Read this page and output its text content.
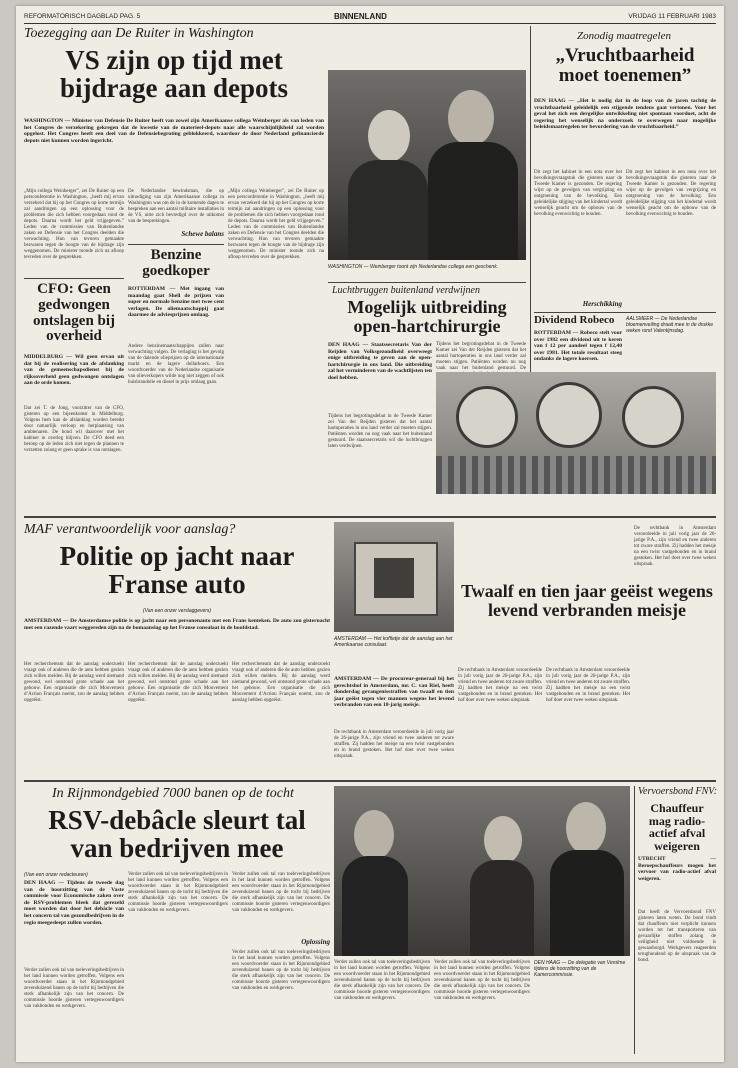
REFORMATORISCH DAGBLAD PAG. 5	BINNENLAND	VRIJDAG 11 FEBRUARI 1983
Toezegging aan De Ruiter in Washington
VS zijn op tijd met bijdrage aan depots
WASHINGTON — Minister van Defensie De Ruiter heeft van zowel zijn Amerikaanse collega Weinberger als van leden van het Congres de verzekering gekregen dat de kwestie van de materieel-depots naar alle waarschijnlijkheid zal worden opgelost. Het Congres heeft een deel van de Defensiebegroting geblokkeerd, waardoor de door Nederland gefinancierde depots niet kunnen worden ingericht.
„Mijn collega Weinberger”, zei De Ruiter op een persconferentie in Washington, „heeft mij ervan verzekerd dat hij op het Congres op korte termijn zal aandringen op een oplossing voor de problemen die zich hebben voorgedaan rond de depots. Daarna wordt het geld vrijgegeven.” Leden van de commissies van Buitenlandse zaken en Defensie van het Congres deelden die verwachting. Hun van tevoren gemaakte bezwaren tegen de hoogte van de bijdrage zijn weggenomen. De minister toonde zich na afloop tevreden over de gesprekken.
De Nederlandse bewindsman, die op uitnodiging van zijn Amerikaanse collega in Washington was om de in de komende dagen te bespreken aan een aantal militaire installaties in de VS, uitte zich bevredigd over de uitkomst van de besprekingen.
Schewe balans
„Mijn collega Weinberger”, zei De Ruiter op een persconferentie in Washington, „heeft mij ervan verzekerd dat hij op het Congres op korte termijn zal aandringen op een oplossing voor de problemen die zich hebben voorgedaan rond de depots. Daarna wordt het geld vrijgegeven.” Leden van de commissies van Buitenlandse zaken en Defensie van het Congres deelden die verwachting. Hun van tevoren gemaakte bezwaren tegen de hoogte van de bijdrage zijn weggenomen. De minister toonde zich na afloop tevreden over de gesprekken.
Benzine goedkoper
ROTTERDAM — Met ingang van maandag gaat Shell de prijzen van super en normale benzine met twee cent verlagen. De oliemaatschappij gaat daarmee de adviesprijzen omlaag.
Andere benzinemaatschappijen zullen naar verwachting volgen. De verlaging is het gevolg van de dalende olieprijzen op de internationale markt en de lagere dollarkoers. Een woordvoerder van de Nederlandse organisatie van olieverkopers wilde nog niet zeggen of ook huisbrandolie en diesel in prijs omlaag gaan.
CFO: Geen gedwongen ontslagen bij overheid
MIDDELBURG — Wil geen ervan uit dat bij de realisering van de afslanking van de gemeenschapsdienst bij de rijksoverheid geen gedwongen ontslagen aan de orde komen.
Dat zei T. de Jong, voorzitter van de CFO, gisteren op een bijeenkomst in Middelburg. Volgens hem kan de afslanking worden bereikt door natuurlijk verloop en herplaatsing van ambtenaren. De bond wil daarover met het kabinet in overleg blijven. De CFO deed een beroep op de leden zich niet tegen de plannen te verzetten zolang er geen sprake is van ontslagen.
WASHINGTON — Weinberger toont zijn Nederlandse collega een geschenk.
Luchtbruggen buitenland verdwijnen
Mogelijk uitbreiding open-hartchirurgie
DEN HAAG — Staatssecretaris Van der Reijden van Volksgezondheid overweegt enige uitbreiding te geven aan de open-hartchirurgie in ons land. Die uitbreiding zal het verminderen van de wachtlijsten ten doel hebben.
Tijdens het begrotingsdebat in de Tweede Kamer zei Van der Reijden gisteren dat het aantal hartoperaties in ons land verder zal moeten stijgen. Patiënten worden nu nog vaak naar het buitenland gestuurd. De staatssecretaris wil die luchtbruggen laten verdwijnen.
Tijdens het begrotingsdebat in de Tweede Kamer zei Van der Reijden gisteren dat het aantal hartoperaties in ons land verder zal moeten stijgen. Patiënten worden nu nog vaak naar het buitenland gestuurd. De
Zonodig maatregelen
„Vruchtbaarheid moet toenemen”
DEN HAAG — „Het is nodig dat in de loop van de jaren tachtig de vruchtbaarheid geleidelijk een stijgende tendens gaat vertonen. Voor het geval het zich een dergelijke ontwikkeling niet spontaan voordoet, acht de regering het wenselijk na onderzoek te overwegen naar mogelijke beleidsmaatregelen ter bevordering van de vruchtbaarheid.”
Dit zegt het kabinet in een nota over het bevolkingsvraagstuk die gisteren naar de Tweede Kamer is gezonden. De regering wijst op de gevolgen van vergrijzing en ontgroening van de bevolking. Een geleidelijke stijging van het kindertal wordt wenselijk geacht om de opbouw van de bevolking evenwichtig te houden.
Herschikking
Dit zegt het kabinet in een nota over het bevolkingsvraagstuk die gisteren naar de Tweede Kamer is gezonden. De regering wijst op de gevolgen van vergrijzing en ontgroening van de bevolking. Een geleidelijke stijging van het kindertal wordt wenselijk geacht om de opbouw van de bevolking evenwichtig te houden.
Dividend Robeco
ROTTERDAM — Robeco stelt voor over 1982 een dividend uit te keren van f 12 per aandeel tegen f 12,40 over 1981. Het totale resultaat steeg ondanks de lagere koersen.
AALSMEER — De Nederlandse bloemenveiling draait mee in de drukke weken rond Valentijnsdag.
MAF verantwoordelijk voor aanslag?
Politie op jacht naar Franse auto
(Van een onzer verslaggevers)
AMSTERDAM — De Amsterdamse politie is op jacht naar een personenauto met een Frans kenteken. De auto zou gisternacht met een razende vaart weggereden zijn na de bomaanslag op het Franse consulaat in de hoofdstad.
Het rechercheteam dat de aanslag onderzoekt vraagt ook of anderen die de auto hebben gezien zich willen melden. Bij de aanslag werd niemand gewond, wel ontstond grote schade aan het gebouw. Een organisatie die zich Mouvement d’Action Français noemt, zou de aanslag hebben opgeëist.
Het rechercheteam dat de aanslag onderzoekt vraagt ook of anderen die de auto hebben gezien zich willen melden. Bij de aanslag werd niemand gewond, wel ontstond grote schade aan het gebouw. Een organisatie die zich Mouvement d’Action Français noemt, zou de aanslag hebben opgeëist.
Het rechercheteam dat de aanslag onderzoekt vraagt ook of anderen die de auto hebben gezien zich willen melden. Bij de aanslag werd niemand gewond, wel ontstond grote schade aan het gebouw. Een organisatie die zich Mouvement d’Action Français noemt, zou de aanslag hebben opgeëist.
AMSTERDAM — Het koffietje dat de aanslag aan het Amerikaanse consulaat.
Twaalf en tien jaar geëist wegens levend verbranden meisje
AMSTERDAM — De procureur-generaal bij het gerechtshof in Amsterdam, mr. C. van Riel, heeft donderdag gevangenisstraffen van twaalf en tien jaar geëist tegen vier mannen wegens het levend verbranden van een 18-jarig meisje.
De rechtbank in Amsterdam veroordeelde in juli vorig jaar de 26-jarige P.A., zijn vriend en twee anderen tot zware straffen. Zij hadden het meisje na een twist vastgebonden en in brand gestoken. Het hof doet over twee weken uitspraak.
De rechtbank in Amsterdam veroordeelde in juli vorig jaar de 26-jarige P.A., zijn vriend en twee anderen tot zware straffen. Zij hadden het meisje na een twist vastgebonden en in brand gestoken. Het hof doet over twee weken uitspraak.
De rechtbank in Amsterdam veroordeelde in juli vorig jaar de 26-jarige P.A., zijn vriend en twee anderen tot zware straffen. Zij hadden het meisje na een twist vastgebonden en in brand gestoken. Het hof doet over twee weken uitspraak.
De rechtbank in Amsterdam veroordeelde in juli vorig jaar de 26-jarige P.A., zijn vriend en twee anderen tot zware straffen. Zij hadden het meisje na een twist vastgebonden en in brand gestoken. Het hof doet over twee weken uitspraak.
In Rijnmondgebied 7000 banen op de tocht
RSV-debâcle sleurt tal van bedrijven mee
(Van een onzer redacteuren)
DEN HAAG — Tijdens de tweede dag van de hoorzitting van de Vaste commissie voor Economische zaken over de RSV-problemen bleek dat gerezeld moet worden dat door het debâcle van het concern tal van gezondbedrijven in de regio meegesleept zullen worden.
Verder zullen ook tal van toeleveringsbedrijven in het land kunnen worden getroffen. Volgens een woordvoerder staan in het Rijnmondgebied zevenduizend banen op de tocht bij bedrijven die sterk afhankelijk zijn van het concern. De commissie hoorde gisteren vertegenwoordigers van vakbonden en werkgevers.
Verder zullen ook tal van toeleveringsbedrijven in het land kunnen worden getroffen. Volgens een woordvoerder staan in het Rijnmondgebied zevenduizend banen op de tocht bij bedrijven die sterk afhankelijk zijn van het concern. De commissie hoorde gisteren vertegenwoordigers van vakbonden en werkgevers.
Verder zullen ook tal van toeleveringsbedrijven in het land kunnen worden getroffen. Volgens een woordvoerder staan in het Rijnmondgebied zevenduizend banen op de tocht bij bedrijven die sterk afhankelijk zijn van het concern. De commissie hoorde gisteren vertegenwoordigers van vakbonden en werkgevers.
Oplossing
Verder zullen ook tal van toeleveringsbedrijven in het land kunnen worden getroffen. Volgens een woordvoerder staan in het Rijnmondgebied zevenduizend banen op de tocht bij bedrijven die sterk afhankelijk zijn van het concern. De commissie hoorde gisteren vertegenwoordigers van vakbonden en werkgevers.
Verder zullen ook tal van toeleveringsbedrijven in het land kunnen worden getroffen. Volgens een woordvoerder staan in het Rijnmondgebied zevenduizend banen op de tocht bij bedrijven die sterk afhankelijk zijn van het concern. De commissie hoorde gisteren vertegenwoordigers van vakbonden en werkgevers.
Verder zullen ook tal van toeleveringsbedrijven in het land kunnen worden getroffen. Volgens een woordvoerder staan in het Rijnmondgebied zevenduizend banen op de tocht bij bedrijven die sterk afhankelijk zijn van het concern. De commissie hoorde gisteren vertegenwoordigers van vakbonden en werkgevers.
DEN HAAG — De delegatie van Verolme tijdens de hoorzitting van de Kamercommissie.
Vervoersbond FNV:
Chauffeur mag radio-actief afval weigeren
UTRECHT — Beroepschauffeurs mogen het vervoer van radio-actief afval weigeren.
Dat heeft de Vervoersbond FNV gisteren laten weten. De bond vindt dat chauffeurs niet verplicht kunnen worden tot het transporteren van gevaarlijke stoffen zolang de veiligheid niet voldoende is gewaarborgd. Werkgevers reageerden terughoudend op de uitspraak van de bond.
